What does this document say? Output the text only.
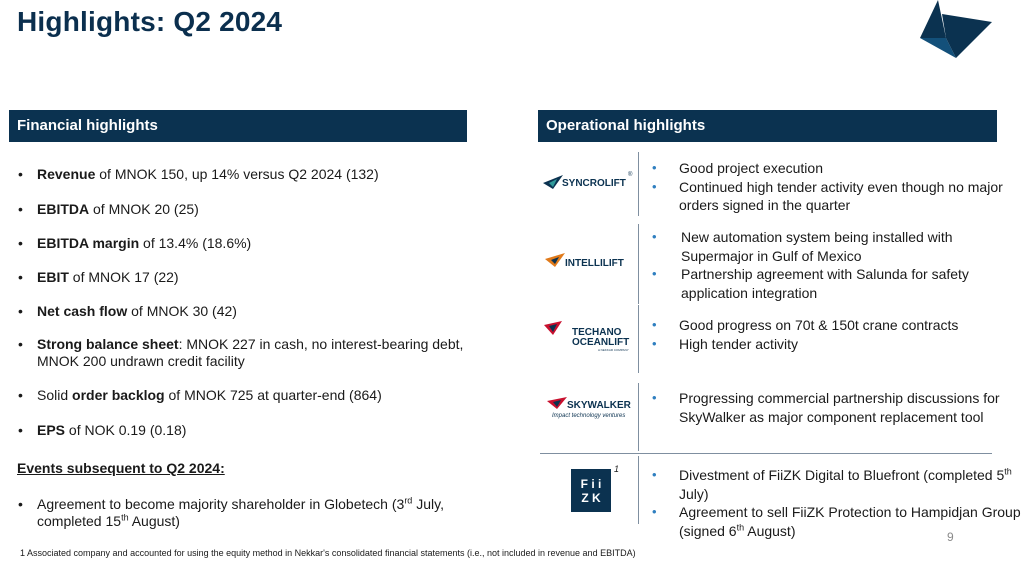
Highlights: Q2 2024
Financial highlights	Operational highlights
• Revenue of MNOK 150, up 14% versus Q2 2024 (132)
• EBITDA of MNOK 20 (25)
• EBITDA margin of 13.4% (18.6%)
• EBIT of MNOK 17 (22)
• Net cash flow of MNOK 30 (42)
• Strong balance sheet: MNOK 227 in cash, no interest-bearing debt, MNOK 200 undrawn credit facility
• Solid order backlog of MNOK 725 at quarter-end (864)
• EPS of NOK 0.19 (0.18)
Events subsequent to Q2 2024:
• Agreement to become majority shareholder in Globetech (3rd July, completed 15th August)
SYNCROLIFT
®
•	Good project execution
• Continued high tender activity even though no major orders signed in the quarter
INTELLILIFT
• New automation system being installed with Supermajor in Gulf of Mexico
• Partnership agreement with Salunda for safety application integration
TECHANO
OCEANLIFT
A NEKKAR COMPANY
• Good progress on 70t & 150t crane contracts
• High tender activity
SKYWALKER
Impact technology ventures
• Progressing commercial partnership discussions for SkyWalker as major component replacement tool
F i i
Z K
• Divestment of FiiZK Digital to Bluefront (completed 5th July)
• Agreement to sell FiiZK Protection to Hampidjan Group (signed 6th August)
1
9
1 Associated company and accounted for using the equity method in Nekkar's consolidated financial statements (i.e., not included in revenue and EBITDA)
